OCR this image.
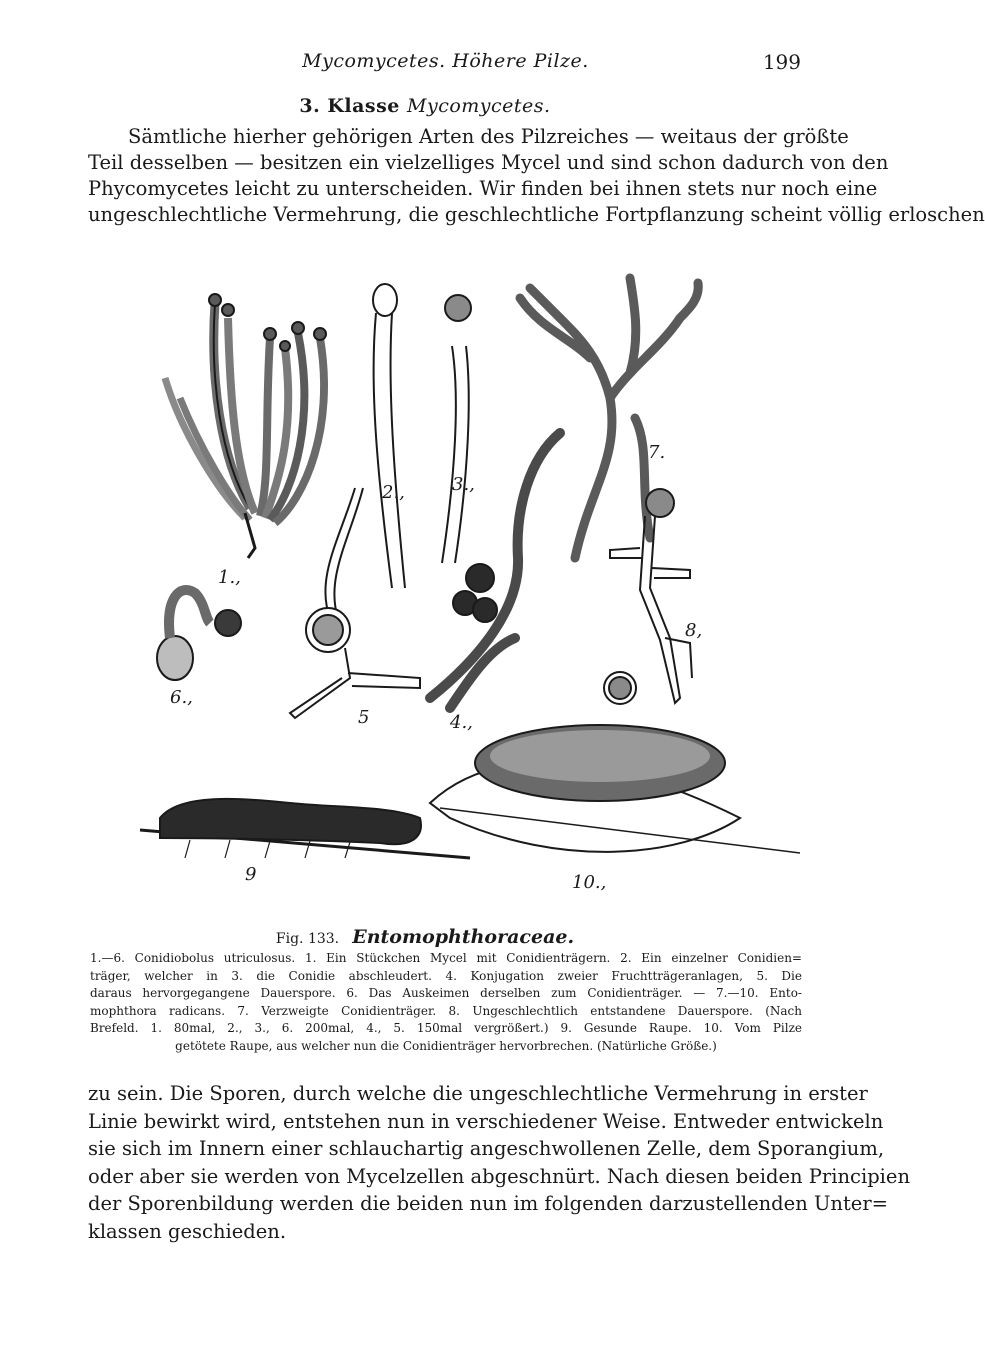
Mycomycetes. Höhere Pilze.	199
3. Klasse Mycomycetes.
Sämtliche hierher gehörigen Arten des Pilzreiches — weitaus der größte
Teil desselben — besitzen ein vielzelliges Mycel und sind schon dadurch von den
Phycomycetes leicht zu unterscheiden. Wir finden bei ihnen stets nur noch eine
ungeschlechtliche Vermehrung, die geschlechtliche Fortpflanzung scheint völlig erloschen
1.,
2.,	3.,
7.
6.,
5	4.,
8,
9	10.,
Fig. 133. Entomophthoraceae.
1.—6. Conidiobolus utriculosus. 1. Ein Stückchen Mycel mit Conidienträgern. 2. Ein einzelner Conidien=
träger, welcher in 3. die Conidie abschleudert. 4. Konjugation zweier Fruchtträgeranlagen, 5. Die
daraus hervorgegangene Dauerspore. 6. Das Auskeimen derselben zum Conidienträger. — 7.—10. Ento-
mophthora radicans. 7. Verzweigte Conidienträger. 8. Ungeschlechtlich entstandene Dauerspore. (Nach
Brefeld. 1. 80mal, 2., 3., 6. 200mal, 4., 5. 150mal vergrößert.) 9. Gesunde Raupe. 10. Vom Pilze
getötete Raupe, aus welcher nun die Conidienträger hervorbrechen. (Natürliche Größe.)
zu sein. Die Sporen, durch welche die ungeschlechtliche Vermehrung in erster
Linie bewirkt wird, entstehen nun in verschiedener Weise. Entweder entwickeln
sie sich im Innern einer schlauchartig angeschwollenen Zelle, dem Sporangium,
oder aber sie werden von Mycelzellen abgeschnürt. Nach diesen beiden Principien
der Sporenbildung werden die beiden nun im folgenden darzustellenden Unter=
klassen geschieden.
